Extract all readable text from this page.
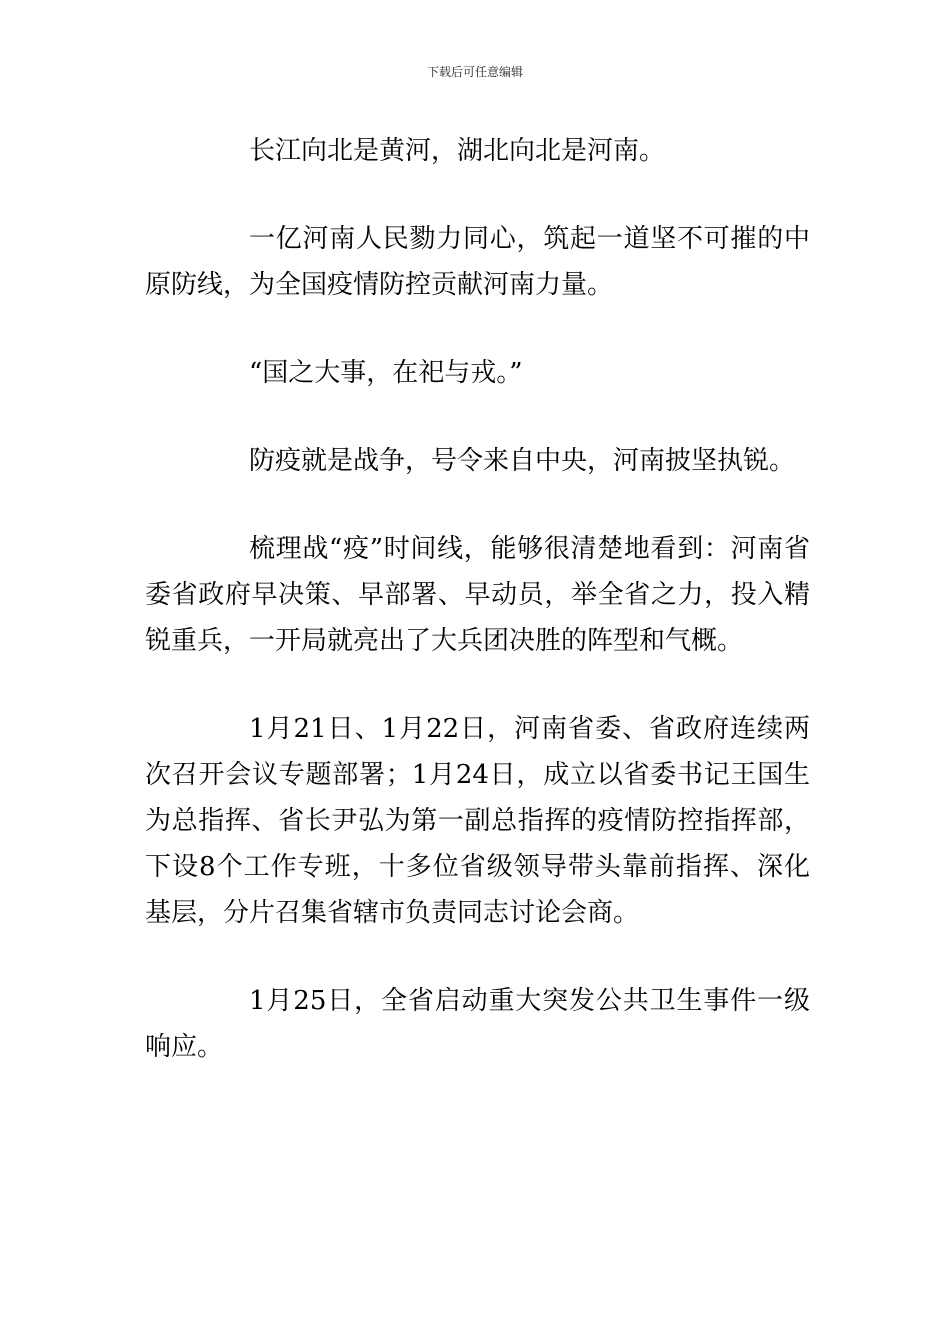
下载后可任意编辑

长江向北是黄河，湖北向北是河南。

一亿河南人民勠力同心，筑起一道坚不可摧的中原防线，为全国疫情防控贡献河南力量。

“国之大事，在祀与戎。”

防疫就是战争，号令来自中央，河南披坚执锐。

梳理战“疫”时间线，能够很清楚地看到：河南省委省政府早决策、早部署、早动员，举全省之力，投入精锐重兵，一开局就亮出了大兵团决胜的阵型和气概。

1月21日、1月22日，河南省委、省政府连续两次召开会议专题部署；1月24日，成立以省委书记王国生为总指挥、省长尹弘为第一副总指挥的疫情防控指挥部，下设8个工作专班，十多位省级领导带头靠前指挥、深化基层，分片召集省辖市负责同志讨论会商。

1月25日，全省启动重大突发公共卫生事件一级响应。
